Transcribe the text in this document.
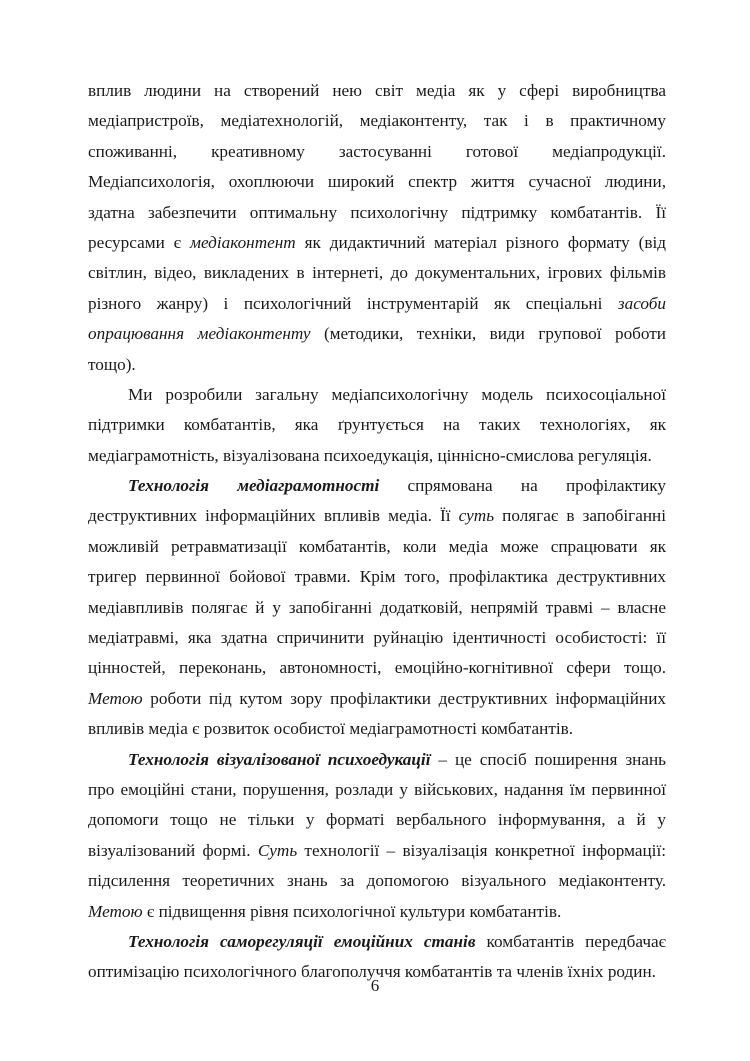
вплив людини на створений нею світ медіа як у сфері виробництва
медіапристроїв, медіатехнологій, медіаконтенту, так і в практичному
споживанні, креативному застосуванні готової медіапродукції.
Медіапсихологія, охоплюючи широкий спектр життя сучасної людини,
здатна забезпечити оптимальну психологічну підтримку комбатантів. Її
ресурсами є медіаконтент як дидактичний матеріал різного формату (від
світлин, відео, викладених в інтернеті, до документальних, ігрових фільмів
різного жанру) і психологічний інструментарій як спеціальні засоби
опрацювання медіаконтенту (методики, техніки, види групової роботи
тощо).
Ми розробили загальну медіапсихологічну модель психосоціальної
підтримки комбатантів, яка ґрунтується на таких технологіях, як
медіаграмотність, візуалізована психоедукація, ціннісно-смислова регуляція.
Технологія медіаграмотності спрямована на профілактику
деструктивних інформаційних впливів медіа. Її суть полягає в запобіганні
можливій ретравматизації комбатантів, коли медіа може спрацювати як
тригер первинної бойової травми. Крім того, профілактика деструктивних
медіавпливів полягає й у запобіганні додатковій, непрямій травмі – власне
медіатравмі, яка здатна спричинити руйнацію ідентичності особистості: її
цінностей, переконань, автономності, емоційно-когнітивної сфери тощо.
Метою роботи під кутом зору профілактики деструктивних інформаційних
впливів медіа є розвиток особистої медіаграмотності комбатантів.
Технологія візуалізованої психоедукації – це спосіб поширення знань
про емоційні стани, порушення, розлади у військових, надання їм первинної
допомоги тощо не тільки у форматі вербального інформування, а й у
візуалізований формі. Суть технології – візуалізація конкретної інформації:
підсилення теоретичних знань за допомогою візуального медіаконтенту.
Метою є підвищення рівня психологічної культури комбатантів.
Технологія саморегуляції емоційних станів комбатантів передбачає
оптимізацію психологічного благополуччя комбатантів та членів їхніх родин.
6
